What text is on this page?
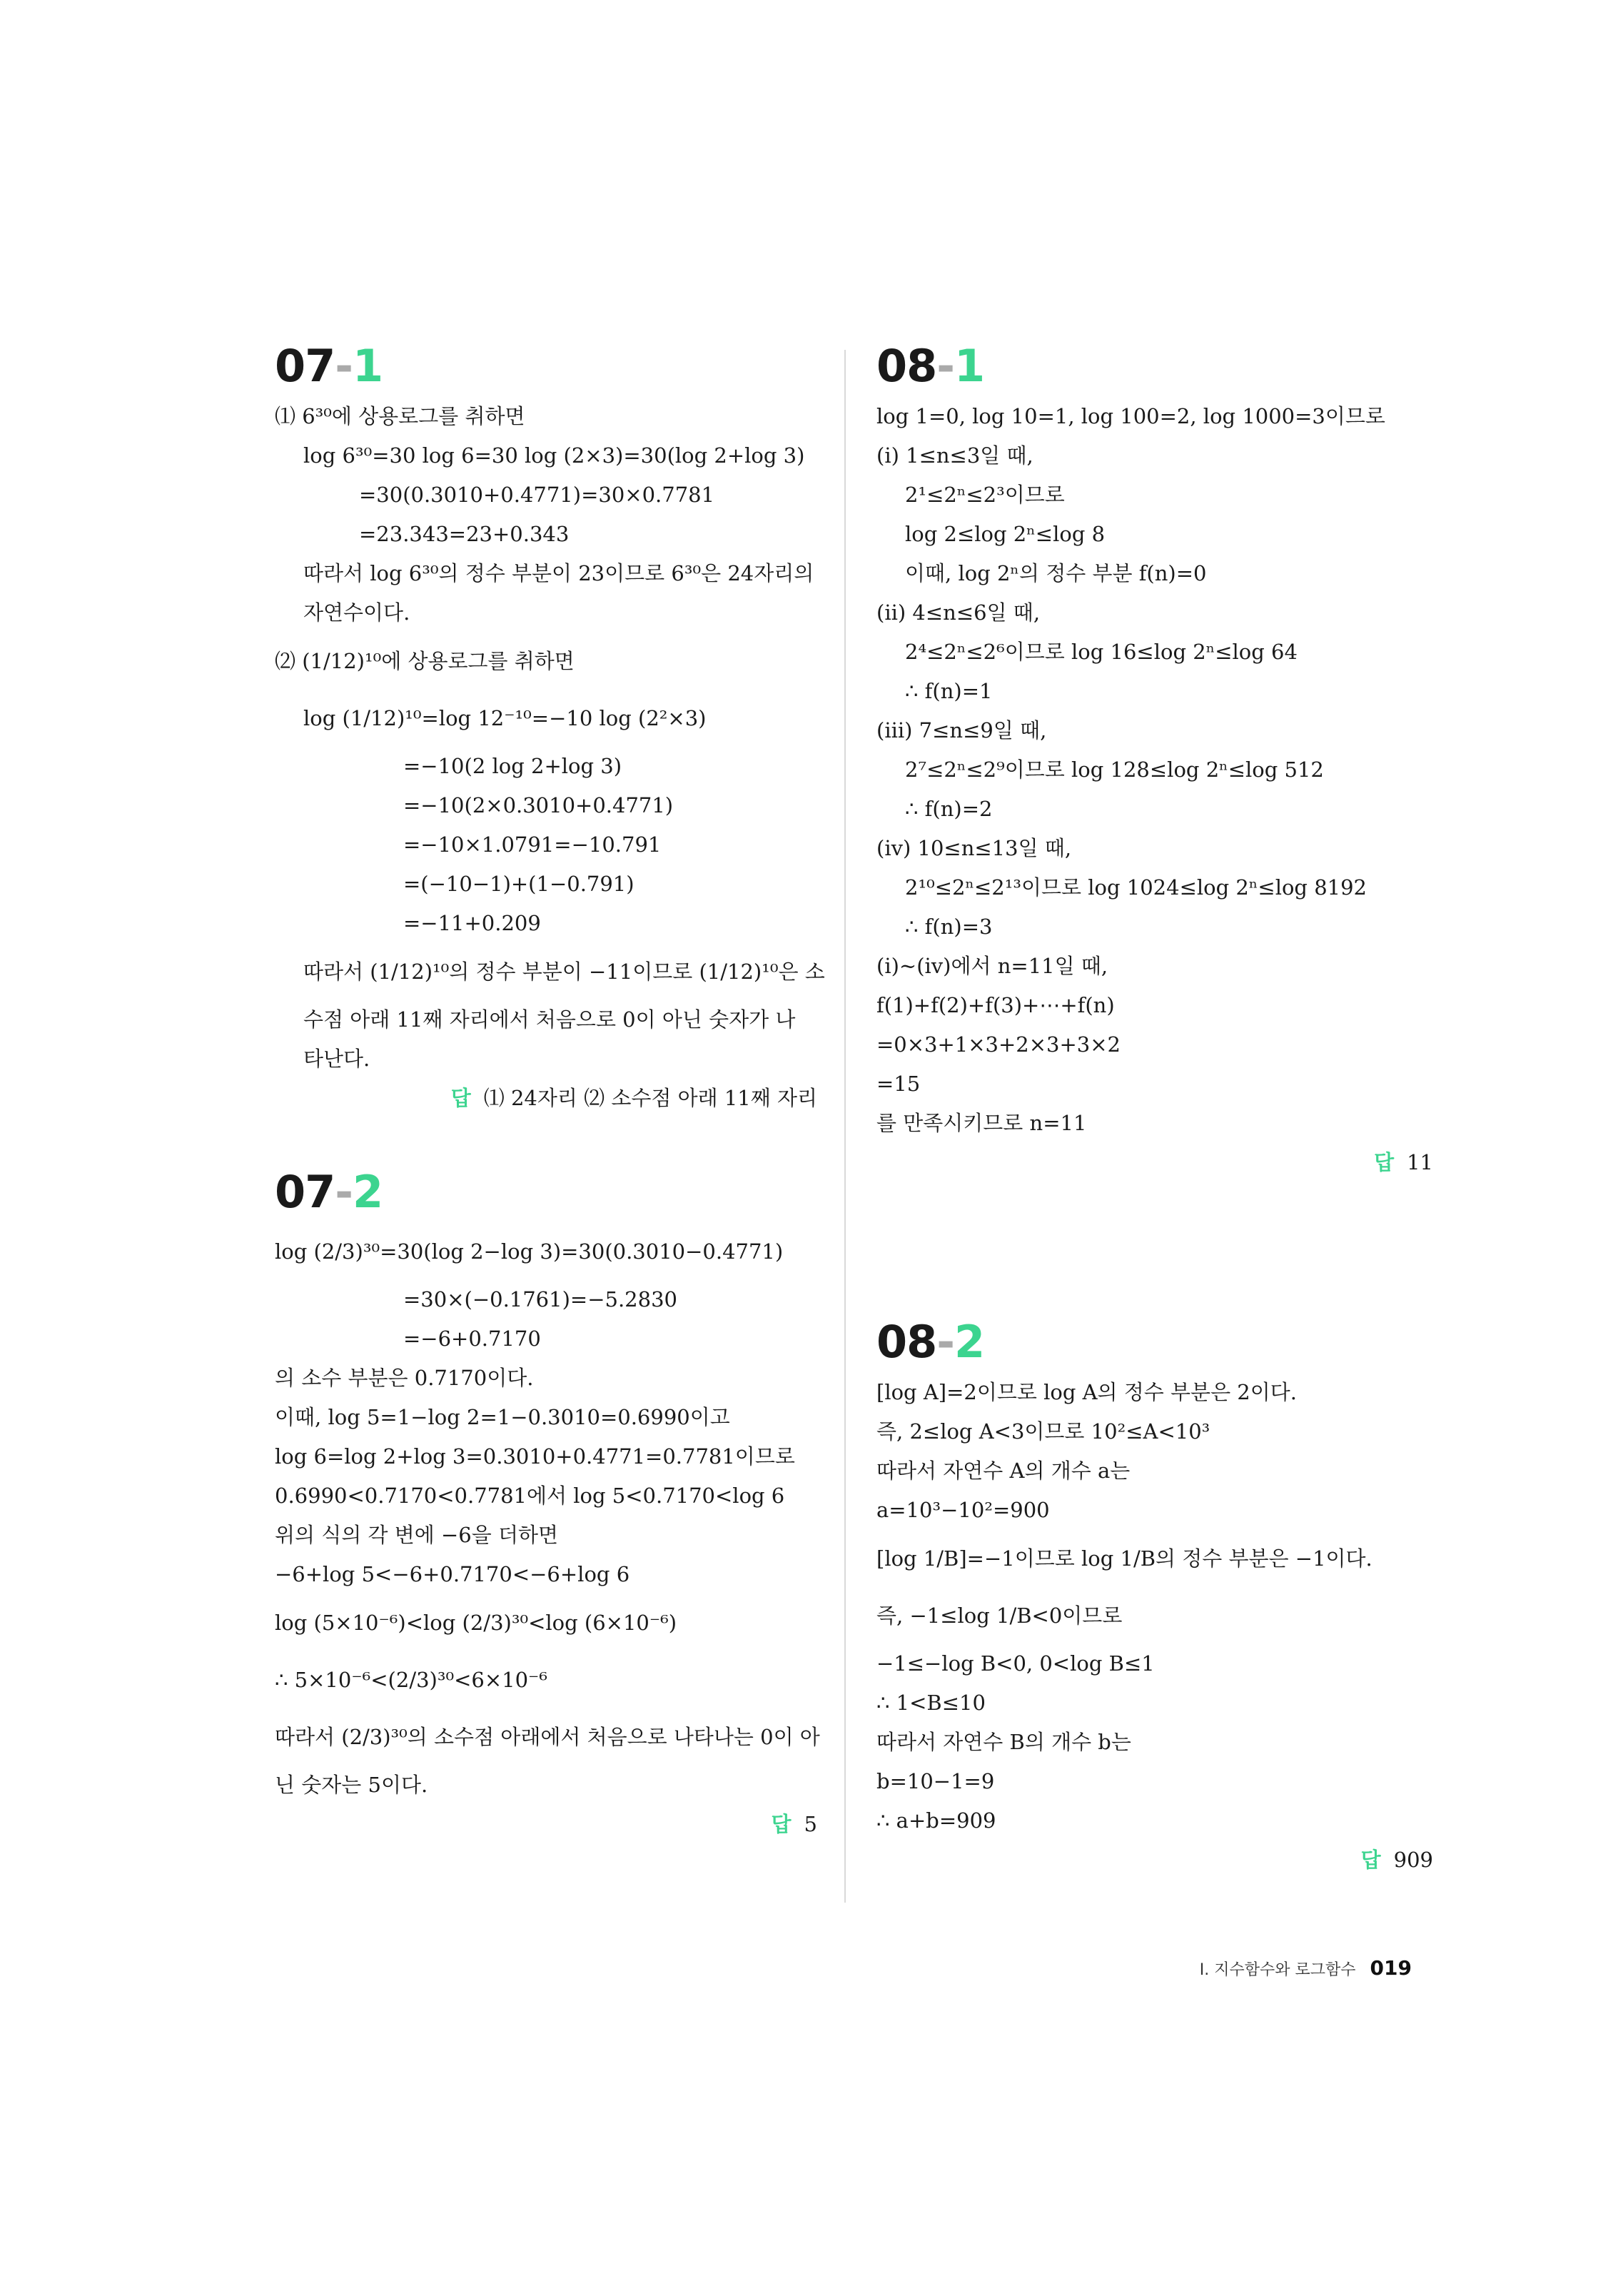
07-1
⑴ 6³⁰에 상용로그를 취하면
log 6³⁰=30 log 6=30 log (2×3)=30(log 2+log 3)
=30(0.3010+0.4771)=30×0.7781
=23.343=23+0.343
따라서 log 6³⁰의 정수 부분이 23이므로 6³⁰은 24자리의
자연수이다.
⑵ (1/12)¹⁰에 상용로그를 취하면
log (1/12)¹⁰=log 12⁻¹⁰=−10 log (2²×3)
=−10(2 log 2+log 3)
=−10(2×0.3010+0.4771)
=−10×1.0791=−10.791
=(−10−1)+(1−0.791)
=−11+0.209
따라서 (1/12)¹⁰의 정수 부분이 −11이므로 (1/12)¹⁰은 소
수점 아래 11째 자리에서 처음으로 0이 아닌 숫자가 나
타난다.
답 ⑴ 24자리 ⑵ 소수점 아래 11째 자리
07-2
log (2/3)³⁰=30(log 2−log 3)=30(0.3010−0.4771)
=30×(−0.1761)=−5.2830
=−6+0.7170
의 소수 부분은 0.7170이다.
이때, log 5=1−log 2=1−0.3010=0.6990이고
log 6=log 2+log 3=0.3010+0.4771=0.7781이므로
0.6990<0.7170<0.7781에서 log 5<0.7170<log 6
위의 식의 각 변에 −6을 더하면
−6+log 5<−6+0.7170<−6+log 6
log (5×10⁻⁶)<log (2/3)³⁰<log (6×10⁻⁶)
∴ 5×10⁻⁶<(2/3)³⁰<6×10⁻⁶
따라서 (2/3)³⁰의 소수점 아래에서 처음으로 나타나는 0이 아
닌 숫자는 5이다.
답 5
08-1
log 1=0, log 10=1, log 100=2, log 1000=3이므로
(ⅰ) 1≤n≤3일 때,
2¹≤2ⁿ≤2³이므로
log 2≤log 2ⁿ≤log 8
이때, log 2ⁿ의 정수 부분 f(n)=0
(ⅱ) 4≤n≤6일 때,
2⁴≤2ⁿ≤2⁶이므로 log 16≤log 2ⁿ≤log 64
∴ f(n)=1
(ⅲ) 7≤n≤9일 때,
2⁷≤2ⁿ≤2⁹이므로 log 128≤log 2ⁿ≤log 512
∴ f(n)=2
(ⅳ) 10≤n≤13일 때,
2¹⁰≤2ⁿ≤2¹³이므로 log 1024≤log 2ⁿ≤log 8192
∴ f(n)=3
(ⅰ)~(ⅳ)에서 n=11일 때,
f(1)+f(2)+f(3)+⋯+f(n)
=0×3+1×3+2×3+3×2
=15
를 만족시키므로 n=11
답 11
08-2
[log A]=2이므로 log A의 정수 부분은 2이다.
즉, 2≤log A<3이므로 10²≤A<10³
따라서 자연수 A의 개수 a는
a=10³−10²=900
[log 1/B]=−1이므로 log 1/B의 정수 부분은 −1이다.
즉, −1≤log 1/B<0이므로
−1≤−log B<0, 0<log B≤1
∴ 1<B≤10
따라서 자연수 B의 개수 b는
b=10−1=9
∴ a+b=909
답 909
Ⅰ. 지수함수와 로그함수 019
